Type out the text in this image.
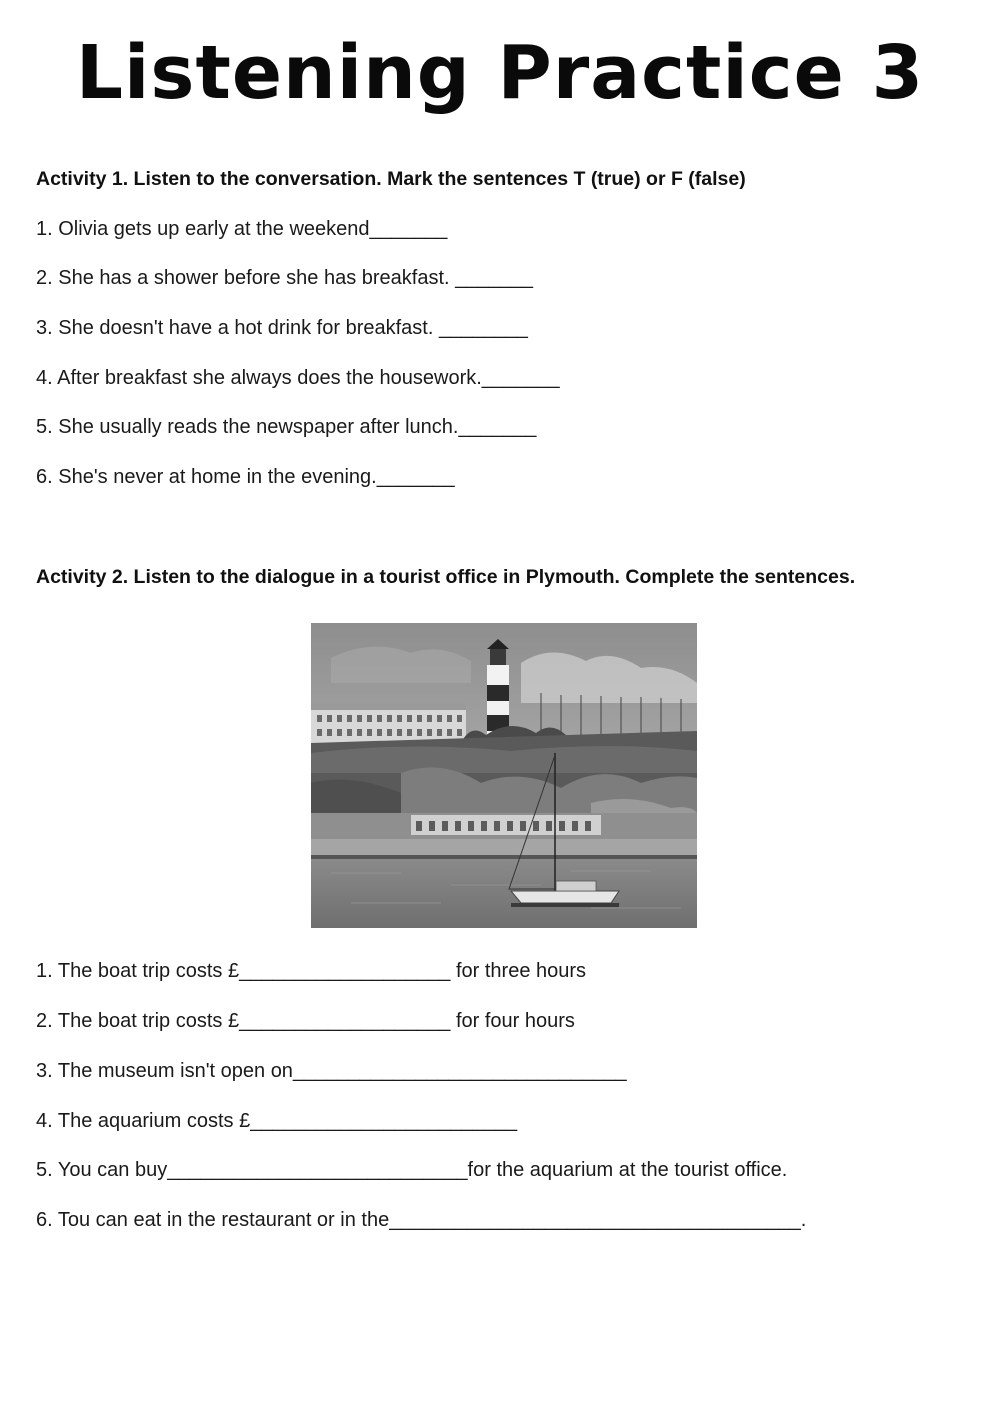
Listening Practice 3
Activity 1. Listen to the conversation. Mark the sentences T (true) or F (false)
1. Olivia gets up early at the weekend_______
2. She has a shower before she has breakfast. _______
3. She doesn't have a hot drink for breakfast. ________
4. After breakfast she always does the housework._______
5. She usually reads the newspaper after lunch._______
6. She's never at home in the evening._______
Activity 2. Listen to the dialogue in a tourist office in Plymouth. Complete the sentences.
1. The boat trip costs £___________________ for three hours
2. The boat trip costs £___________________ for four hours
3. The museum isn't open on______________________________
4. The aquarium costs £________________________
5. You can buy___________________________for the aquarium at the tourist office.
6. Tou can eat in the restaurant or in the_____________________________________.
